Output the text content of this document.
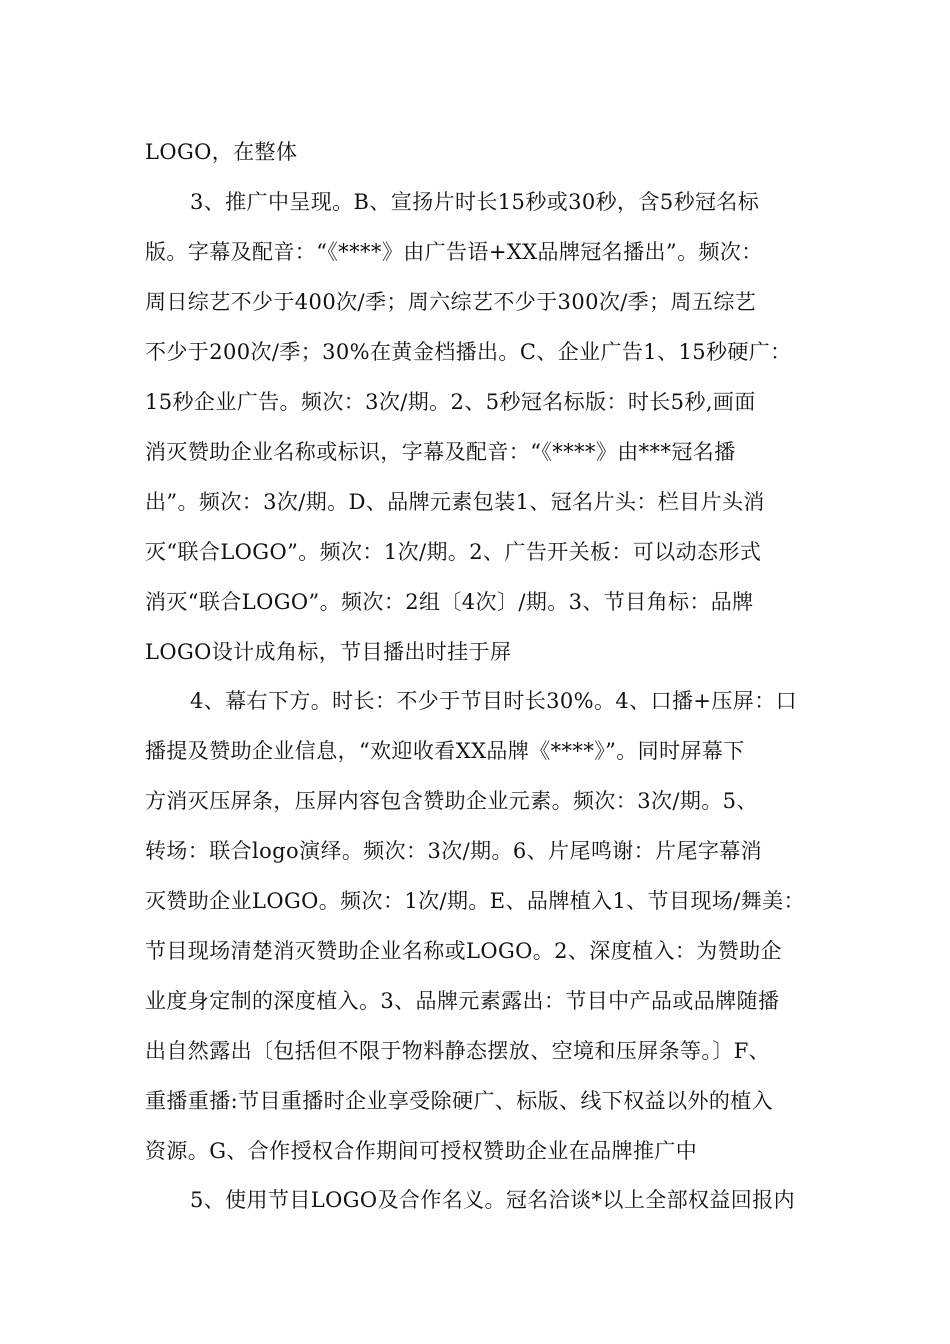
LOGO，在整体
3、推广中呈现。B、宣扬片时长15秒或30秒，含5秒冠名标
版。字幕及配音：“《****》由广告语+XX品牌冠名播出”。频次：
周日综艺不少于400次/季；周六综艺不少于300次/季；周五综艺
不少于200次/季；30%在黄金档播出。C、企业广告1、15秒硬广：
15秒企业广告。频次：3次/期。2、5秒冠名标版：时长5秒,画面
消灭赞助企业名称或标识，字幕及配音：“《****》由***冠名播
出”。频次：3次/期。D、品牌元素包装1、冠名片头：栏目片头消
灭“联合LOGO”。频次：1次/期。2、广告开关板：可以动态形式
消灭“联合LOGO”。频次：2组〔4次〕/期。3、节目角标：品牌
LOGO设计成角标，节目播出时挂于屏
4、幕右下方。时长：不少于节目时长30%。4、口播+压屏：口
播提及赞助企业信息，“欢迎收看XX品牌《****》”。同时屏幕下
方消灭压屏条，压屏内容包含赞助企业元素。频次：3次/期。5、
转场：联合logo演绎。频次：3次/期。6、片尾鸣谢：片尾字幕消
灭赞助企业LOGO。频次：1次/期。E、品牌植入1、节目现场/舞美：
节目现场清楚消灭赞助企业名称或LOGO。2、深度植入：为赞助企
业度身定制的深度植入。3、品牌元素露出：节目中产品或品牌随播
出自然露出〔包括但不限于物料静态摆放、空境和压屏条等。〕F、
重播重播:节目重播时企业享受除硬广、标版、线下权益以外的植入
资源。G、合作授权合作期间可授权赞助企业在品牌推广中
5、使用节目LOGO及合作名义。冠名洽谈*以上全部权益回报内
